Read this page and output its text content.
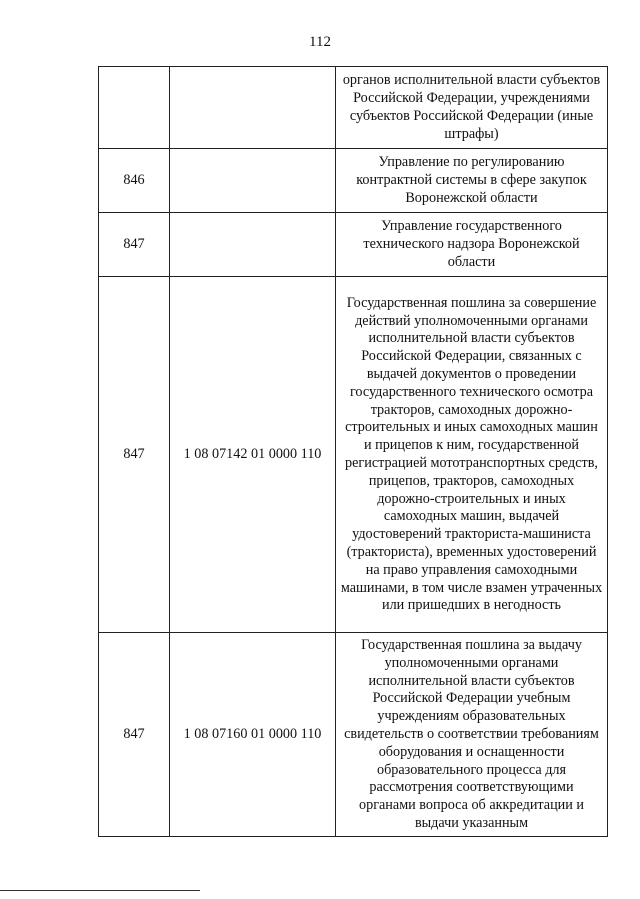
112
		органов исполнительной власти субъектов Российской Федерации, учреждениями субъектов Российской Федерации (иные штрафы)
846		Управление по регулированию контрактной системы в сфере закупок Воронежской области
847		Управление государственного технического надзора Воронежской области
847	1 08 07142 01 0000 110	Государственная пошлина за совершение действий уполномоченными органами исполнительной власти субъектов Российской Федерации, связанных с выдачей документов о проведении государственного технического осмотра тракторов, самоходных дорожно-строительных и иных самоходных машин и прицепов к ним, государственной регистрацией мототранспортных средств, прицепов, тракторов, самоходных дорожно-строительных и иных самоходных машин, выдачей удостоверений тракториста-машиниста (тракториста), временных удостоверений на право управления самоходными машинами, в том числе взамен утраченных или пришедших в негодность
847	1 08 07160 01 0000 110	Государственная пошлина за выдачу уполномоченными органами исполнительной власти субъектов Российской Федерации учебным учреждениям образовательных свидетельств о соответствии требованиям оборудования и оснащенности образовательного процесса для рассмотрения соответствующими органами вопроса об аккредитации и выдачи указанным
